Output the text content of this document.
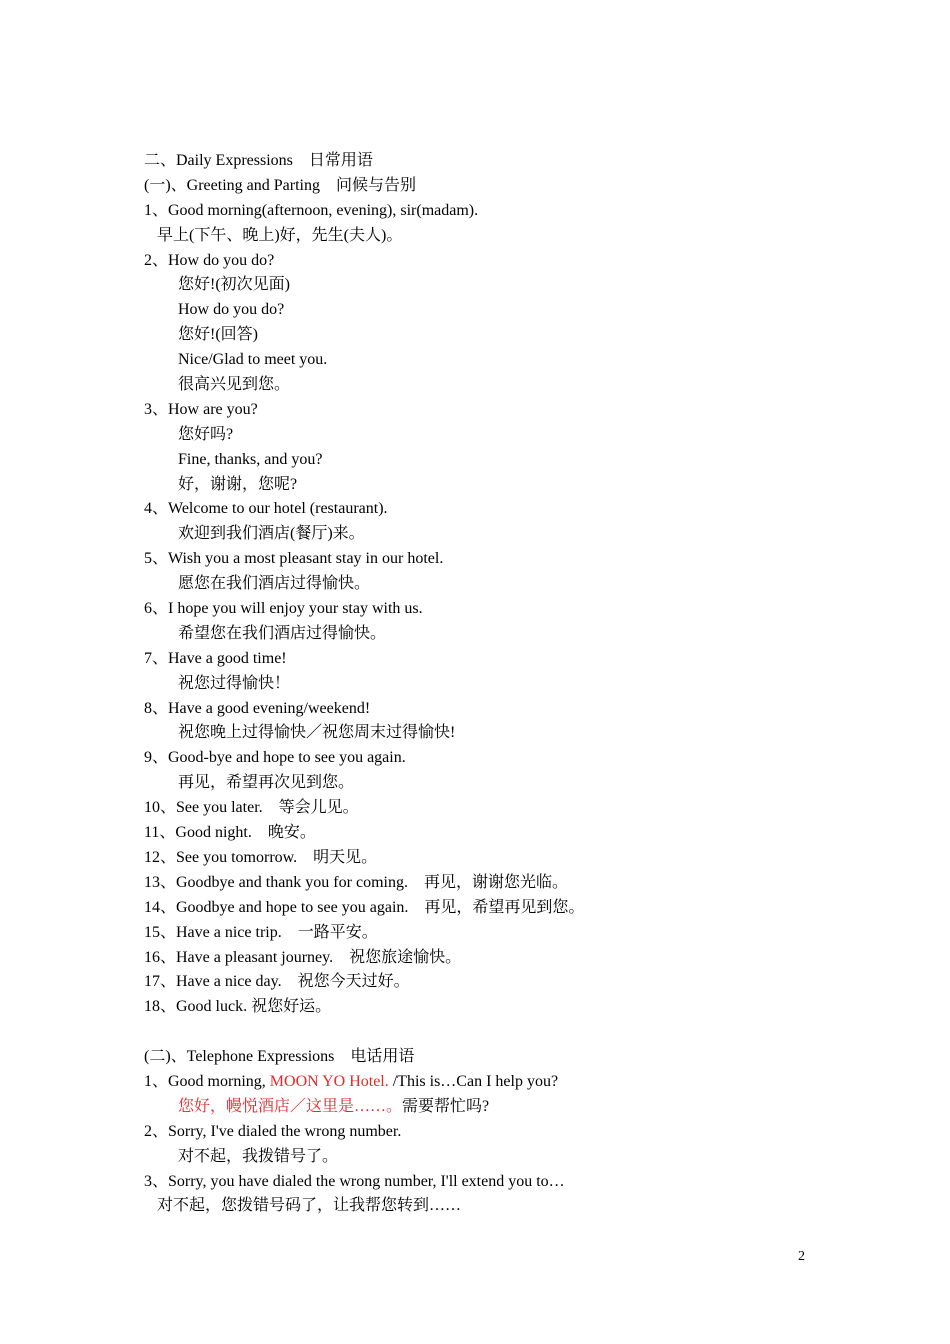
二、Daily Expressions　日常用语
(一)、Greeting and Parting　问候与告别
1、Good morning(afternoon, evening), sir(madam).
早上(下午、晚上)好，先生(夫人)。
2、How do you do?
您好!(初次见面)
How do you do?
您好!(回答)
Nice/Glad to meet you.
很高兴见到您。
3、How are you?
您好吗?
Fine, thanks, and you?
好，谢谢，您呢?
4、Welcome to our hotel (restaurant).
欢迎到我们酒店(餐厅)来。
5、Wish you a most pleasant stay in our hotel.
愿您在我们酒店过得愉快。
6、I hope you will enjoy your stay with us.
希望您在我们酒店过得愉快。
7、Have a good time!
祝您过得愉快！
8、Have a good evening/weekend!
祝您晚上过得愉快／祝您周末过得愉快!
9、Good-bye and hope to see you again.
再见，希望再次见到您。
10、See you later.　等会儿见。
11、Good night.　晚安。
12、See you tomorrow.　明天见。
13、Goodbye and thank you for coming.　再见，谢谢您光临。
14、Goodbye and hope to see you again.　再见，希望再见到您。
15、Have a nice trip.　一路平安。
16、Have a pleasant journey.　祝您旅途愉快。
17、Have a nice day.　祝您今天过好。
18、Good luck. 祝您好运。
(二)、Telephone Expressions　电话用语
1、Good morning, MOON YO Hotel. /This is…Can I help you?
您好，幔悦酒店／这里是……。需要帮忙吗?
2、Sorry, I've dialed the wrong number.
对不起，我拨错号了。
3、Sorry, you have dialed the wrong number, I'll extend you to…
对不起，您拨错号码了，让我帮您转到……
2
